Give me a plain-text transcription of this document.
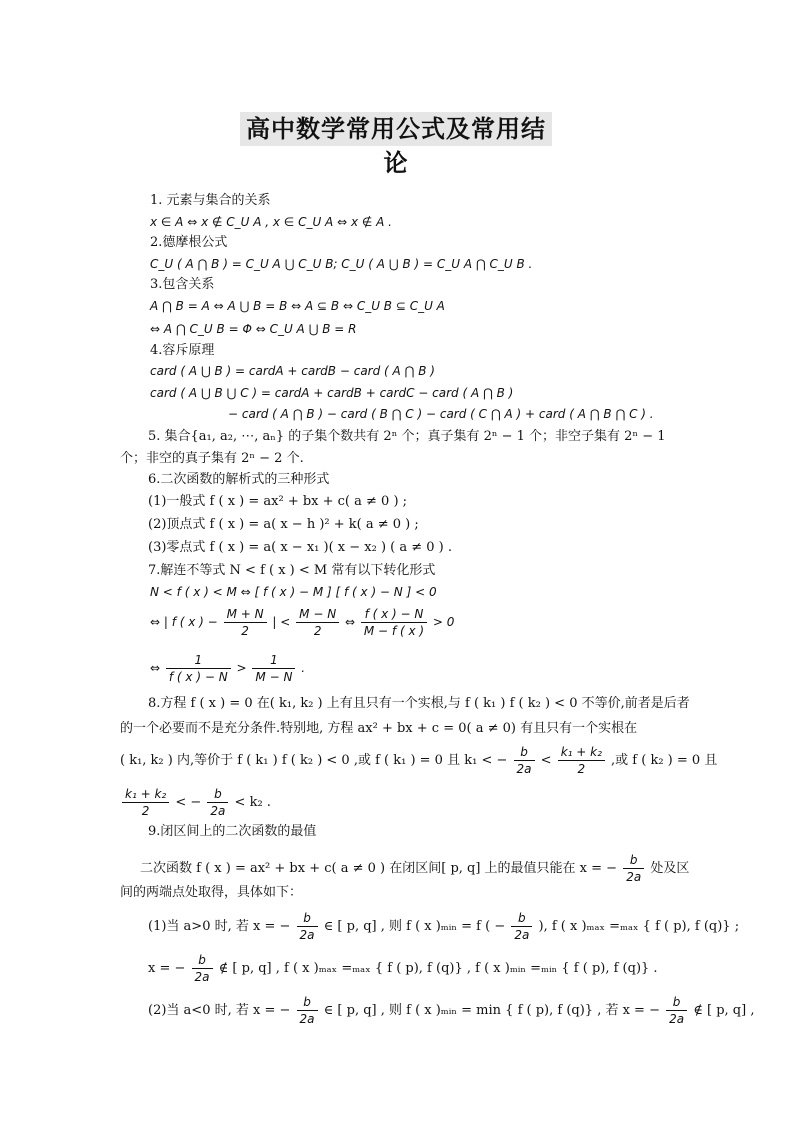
高中数学常用公式及常用结论
1. 元素与集合的关系
x ∈ A ⇔ x ∉ C_U A , x ∈ C_U A ⇔ x ∉ A .
2.德摩根公式
C_U ( A ⋂ B ) = C_U A ⋃ C_U B; C_U ( A ⋃ B ) = C_U A ⋂ C_U B .
3.包含关系
A ⋂ B = A ⇔ A ⋃ B = B ⇔ A ⊆ B ⇔ C_U B ⊆ C_U A
⇔ A ⋂ C_U B = Φ ⇔ C_U A ⋃ B = R
4.容斥原理
card ( A ⋃ B ) = cardA + cardB − card ( A ⋂ B )
card ( A ⋃ B ⋃ C ) = cardA + cardB + cardC − card ( A ⋂ B )
− card ( A ⋂ B ) − card ( B ⋂ C ) − card ( C ⋂ A ) + card ( A ⋂ B ⋂ C ) .
5. 集合{a₁, a₂, ⋯, aₙ} 的子集个数共有 2ⁿ 个；真子集有 2ⁿ − 1 个；非空子集有 2ⁿ − 1
个；非空的真子集有 2ⁿ − 2 个.
6.二次函数的解析式的三种形式
(1)一般式 f ( x ) = ax² + bx + c( a ≠ 0 ) ;
(2)顶点式 f ( x ) = a( x − h )² + k( a ≠ 0 ) ;
(3)零点式 f ( x ) = a( x − x₁ )( x − x₂ ) ( a ≠ 0 ) .
7.解连不等式 N < f ( x ) < M 常有以下转化形式
N < f ( x ) < M ⇔ [ f ( x ) − M ] [ f ( x ) − N ] < 0
⇔ | f ( x ) − $\frac{M + N}{2}$ | < $\frac{M - N}{2}$ ⇔ $\frac{f ( x ) - N}{M - f ( x )} > 0$
⇔ $\frac{1}{f ( x ) - N} > \frac{1}{M - N}$ .
8.方程 f ( x ) = 0 在( k₁, k₂ ) 上有且只有一个实根,与 f ( k₁ ) f ( k₂ ) < 0 不等价,前者是后者
的一个必要而不是充分条件.特别地, 方程 ax² + bx + c = 0( a ≠ 0) 有且只有一个实根在
( k₁, k₂ ) 内,等价于 f ( k₁ ) f ( k₂ ) < 0 ,或 f ( k₁ ) = 0 且 k₁ < − $\frac{b}{2a} < \frac{\text{k₁ + k₂}}{2}$ ,或 f ( k₂ ) = 0 且
$\frac{\text{k₁ + k₂}}{2}$ < − $\frac{b}{2a} < k_2$ .
9.闭区间上的二次函数的最值
二次函数 f ( x ) = ax² + bx + c( a ≠ 0 ) 在闭区间[ p, q] 上的最值只能在 x = − $\frac{b}{2a}$ 处及区
间的两端点处取得，具体如下：
(1)当 a>0 时, 若 x = − $\frac{b}{2a}$ ∈ [ p, q] , 则 f ( x )ₘᵢₙ = f ( − $\frac{b}{2a}$ ), f ( x )ₘₐₓ =ₘₐₓ { f ( p), f (q)} ;
x = − $\frac{b}{2a}$ ∉ [ p, q] , f ( x )ₘₐₓ =ₘₐₓ { f ( p), f (q)} , f ( x )ₘᵢₙ =ₘᵢₙ { f ( p), f (q)} .
(2)当 a<0 时, 若 x = − $\frac{b}{2a}$ ∈ [ p, q] , 则 f ( x )ₘᵢₙ = min { f ( p), f (q)} , 若 x = − $\frac{b}{2a}$ ∉ [ p, q] ,
